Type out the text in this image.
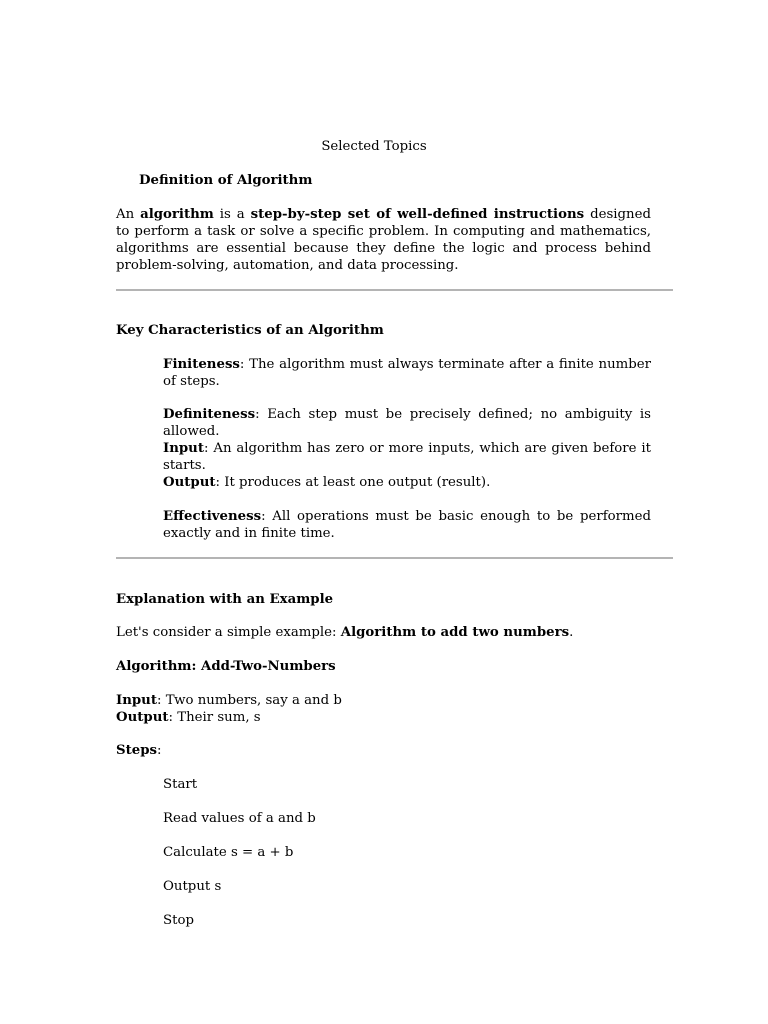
Selected Topics
Definition of Algorithm
An algorithm is a step-by-step set of well-defined instructions designed to perform a task or solve a specific problem. In computing and mathematics, algorithms are essential because they define the logic and process behind problem-solving, automation, and data processing.
Key Characteristics of an Algorithm
Finiteness: The algorithm must always terminate after a finite number of steps.
Definiteness: Each step must be precisely defined; no ambiguity is allowed.
Input: An algorithm has zero or more inputs, which are given before it starts.
Output: It produces at least one output (result).
Effectiveness: All operations must be basic enough to be performed exactly and in finite time.
Explanation with an Example
Let's consider a simple example: Algorithm to add two numbers.
Algorithm: Add-Two-Numbers
Input: Two numbers, say a and b
Output: Their sum, s
Steps:
Start
Read values of a and b
Calculate s = a + b
Output s
Stop
